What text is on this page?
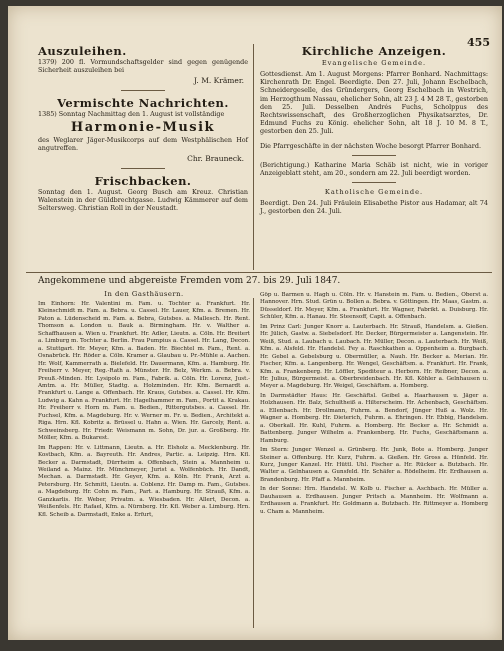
455
Auszuleihen.

1379) 200 fl. Vormundschaftsgelder sind gegen genügende Sicherheit auszuleihen bei

J. M. Krämer.
Vermischte Nachrichten.

1385) Sonntag Nachmittag den 1. August ist vollständige

Harmonie-Musik

des Weglarer Jäger-Musikcorps auf dem Westphälischen Hof angutreffen.

Chr. Brauneck.
Frischbacken.

Sonntag den 1. August. Georg Busch am Kreuz. Christian Walenstein in der Güldbrechtgasse. Ludwig Kämmerer auf dem Seltersweg. Christian Roll in der Neustadt.

Kirchliche Anzeigen.
Evangelische Gemeinde.

Gottesdienst. Am 1. August Morgens: Pfarrer Bonhard. Nachmittags: Kirchenrath Dr. Engel. Beerdigte. Den 27. Juli, Johann Eschelbach, Schneidergeselle, des Gründergers, Georg Eschelbach in Westrich, im Herzogthum Nassau, ehelicher Sohn, alt 23 J. 4 M 28 T., gestorben den 25. Juli. Desselben Andrés Fuchs, Scholppus des Rechtswissenschaft, des Großherzoglichen Physikatsarztes, Dr. Edmund Fuchs zu König. ehelicher Sohn, alt 18 J. 10 M. 8 T., gestorben den 25. Juli.

Die Pfarrgeschäfte in der nächsten Woche besorgt Pfarrer Bonhard.

(Berichtigung.) Katharine Maria Schäb ist nicht, wie in voriger Anzeigeblatt steht, am 20., sondern am 22. Juli beerdigt worden.

Katholische Gemeinde.

Beerdigt. Den 24. Juli Fräulein Elisabethe Pistor aus Hadamar, alt 74 J., gestorben den 24. Juli.

Angekommene und abgereiste Fremden vom 27. bis 29. Juli 1847.
In den Gasthäusern.

Im Einhorn: Hr. Valentini m. Fam. u. Tochter a. Frankfurt. Hr. Kleinschmidt m. Fam. a. Bebra. u. Cassel. Hr. Lauer, Kfm. a. Bremen. Hr. Paton a. Lüdenscheid m. Fam. a. Bebra, Gutsbes. a. Mallesch. Hr. Rent. Thomson a. London u. Bauk a. Birmingham. Hr. v. Walther a. Schaffhausen a. Wien u. Frankfurt. Hr. Adler, Lieutn. a. Cöln. Hr. Breitert a. Limburg m. Tochter a. Berlin. Frau Pumpius a. Cassel. Hr. Lang, Decon. a. Stuttgart. Hr. Meyer, Kfm. a. Baden. Hr. Biechtel m. Fam., Rent. a. Osnabrück. Hr. Röder a. Cöln. Kramer a. Glaubau u. Pr.-Mühle a. Aachen. Hr. Wolf, Kammerrath a. Bielefeld. Hr. Dauermann, Kfm. a. Hamburg. Hr. Freiherr v. Meyer, Reg.-Rath a. Münster. Hr. Belz, Werkm. a. Bebra. v. Preuß.-Minden. Hr. Lysipolo m. Fam., Fabrik. a. Cöln. Hr. Lorenz, Just.-Amtm. a. Hr. Müller, Stadtg. a. Holzminden. Hr. Kfm. Bernardt a. Frankfurt u. Lange a. Offenbach. Hr. Kraus, Gutsbes. a. Cassel. Hr. Kfm. Ludwig a. Kahn a. Frankfurt. Hr. Hagelhammer m. Fam., Portit a. Krakau. Hr. Freiherr v. Horn m. Fam. u. Bedien., Rittergutsbes. a. Cassel. Hr. Fuchsel, Kfm. a. Magdeburg. Hr. v. Werner m. Fr. u. Bedien., Architekt a. Riga. Hrn. Kfl. Kobritz a. Brüssel u. Hahn a. Wien. Hr. Garcely, Rent. a. Schweinsberg. Hr. Friedr. Weismann m. Sohn, Dr. jur. a. Großberg. Hr. Möller, Kfm. a. Bukarest.

Im Rappen: Hr. v. Littmann, Lieutn. a. Hr. Elsholz a. Mecklenburg. Hr. Kostbach, Kfm. a. Bayreuth. Hr. Andres, Partic. a. Leipzig. Hrn. Kfl. Becker a. Darmstadt, Dürrheim a. Offenbach, Stein a. Mannheim u. Weiland a. Mainz. Hr. Münchmeyer, Jurist a. Wolfenbüch. Hr. Dandt, Mechan. a. Darmstadt. Hr. Geyer, Kfm. a. Köln. Hr. Frank, Arzt a. Petersburg. Hr. Schmitt, Lieutn. a. Coblenz. Hr. Damp m. Fam., Gutsbes. a. Magdeburg. Hr. Cohn m. Fam., Part. a. Hamburg. Hr. Strauß, Kfm. a. Ganzkarlis. Hr. Weber, Privatm. a. Wiesbaden. Hr. Allert, Decon. a. Weißenfels. Hr. Rafael, Kfm. a. Nürnberg. Hr. Kfl. Weber a. Limburg. Hrn. Kfl. Scheib a. Darmstadt, Enke a. Erfurt,

Göp u. Barmen u. Hagh u. Cöln. Hr. v. Hanstein m. Fam. u. Bedien., Oberst a. Hannover. Hrn. Stud. Grün u. Bollen a. Bebra. v. Göttingen. Hr. Maas, Gastm. a. Düsseldorf. Hr. Meyer, Kfm. a. Frankfurt. Hr. Wagner, Fabrikt. a. Duisburg. Hr. Schüler, Kfm. a. Hanau. Hr. Steensoff, Capit. a. Offenbach.

Im Prinz Carl: Junger Knorr a. Lauterbach. Hr. Strauß, Handelsm. a. Gießen. Hr. Jülich, Gastw. a. Siebelsdorf. Hr. Decker, Bürgermeister a. Langenstein. Hr. Weiß, Stud. a. Laubach u. Laubach. Hr. Müller, Decon. a. Lauterbach. Hr. Weiß, Kfm. a. Alsfeld. Hr. Handelsl. Fey a. Raschkathen a. Oppenheim a. Burgbach. Hr. Gebel a. Gebelsburg u. Obermüller, a. Nauh. Hr. Becker a. Merian. Hr. Fischer, Kfm. a. Langenberg. Hr. Wengel, Geschäftsm. a. Frankfurt. Hr. Frank, Kfm. a. Frankenberg. Hr. Löffler, Spediteur a. Herborn. Hr. Reibner, Decon. a. Hr. Julius, Bürgermeist. a. Oberbreidenbach. Hr. Kfl. Köhler a. Gelnhausen u. Meyer a. Magdeburg. Hr. Weigel, Geschäftsm. a. Homberg.

In Darmstädter Haus: Hr. Geschäftsl. Geibel a. Haarhausen u. Jäger a. Holzhausen. Hr. Balz, Schultheiß a. Hilterscheim. Hr. Achenbach, Geschäftsm. a. Ellenbach. Hr. Drollmann, Fuhrm. a. Bendorf, Jünger Huß a. Wolz. Hr. Wagner a. Homberg. Hr. Dieterich, Fuhrm. a. Ehringen. Hr. Ebbig, Handelsm. a. Oberkall. Hr. Kuhl, Fuhrm. a. Homberg. Hr. Becker a. Hr. Schmidt a. Battenberg. Junger Wilhelm a. Frankenberg. Hr. Fuchs, Geschäftsmann a. Hamburg.

Im Stern: Junger Wenzel a. Grünberg. Hr. Junk, Bote a. Homberg. Junger Steiner a. Offenburg. Hr. Kurz, Fuhrm. a. Gießen. Hr. Gross a. Hünfeld. Hr. Kurz, Junger Kanzel. Hr. Hüttl. Uhl. Fischer a. Hr. Rücker a. Butzbach. Hr. Walter a. Gelnhausen a. Gunsfeld. Hr. Schäfer a. Rödelheim. Hr. Erdhausen a. Brandenburg. Hr. Pfaff a. Mannheim.

In der Sonne: Hrn. Handelsl. W. Kolb u. Fischer a. Aschbach. Hr. Müller a. Dauhausen a. Erdhausen. Junger Pritsch a. Mannheim. Hr. Wolfmann a. Erdhausen a. Frankfurt. Hr. Goldmann a. Butzbach. Hr. Rittmeyer a. Homberg u. Cham a. Mannheim.
